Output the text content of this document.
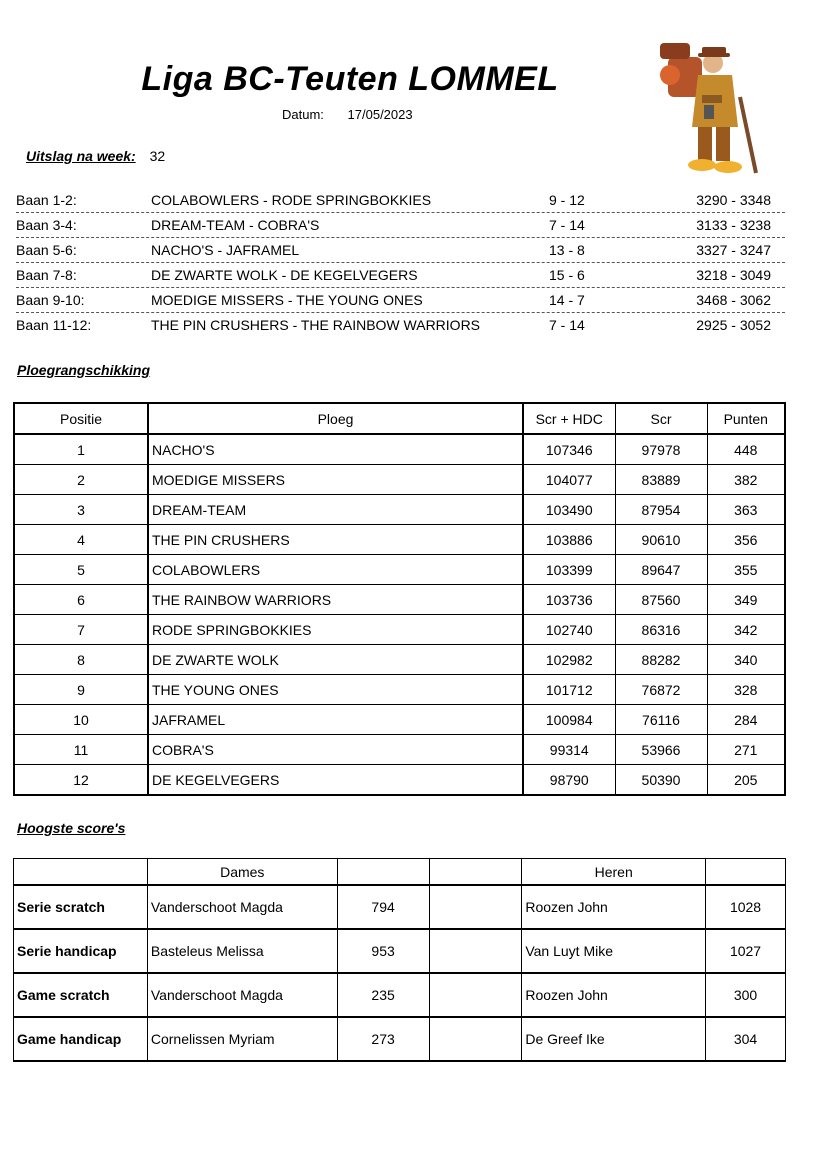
Liga BC-Teuten LOMMEL
Datum: 17/05/2023
Uitslag na week: 32
Baan 1-2:	COLABOWLERS - RODE SPRINGBOKKIES	9 - 12	3290 - 3348
Baan 3-4:	DREAM-TEAM - COBRA'S	7 - 14	3133 - 3238
Baan 5-6:	NACHO'S - JAFRAMEL	13 - 8	3327 - 3247
Baan 7-8:	DE ZWARTE WOLK - DE KEGELVEGERS	15 - 6	3218 - 3049
Baan 9-10:	MOEDIGE MISSERS - THE YOUNG ONES	14 - 7	3468 - 3062
Baan 11-12:	THE PIN CRUSHERS - THE RAINBOW WARRIORS	7 - 14	2925 - 3052
Ploegrangschikking
Positie	Ploeg	Scr + HDC	Scr	Punten
1	NACHO'S	107346	97978	448
2	MOEDIGE MISSERS	104077	83889	382
3	DREAM-TEAM	103490	87954	363
4	THE PIN CRUSHERS	103886	90610	356
5	COLABOWLERS	103399	89647	355
6	THE RAINBOW WARRIORS	103736	87560	349
7	RODE SPRINGBOKKIES	102740	86316	342
8	DE ZWARTE WOLK	102982	88282	340
9	THE YOUNG ONES	101712	76872	328
10	JAFRAMEL	100984	76116	284
11	COBRA'S	99314	53966	271
12	DE KEGELVEGERS	98790	50390	205
Hoogste score's
	Dames			Heren	
Serie scratch	Vanderschoot Magda	794		Roozen John	1028
Serie handicap	Basteleus Melissa	953		Van Luyt Mike	1027
Game scratch	Vanderschoot Magda	235		Roozen John	300
Game handicap	Cornelissen Myriam	273		De Greef Ike	304
